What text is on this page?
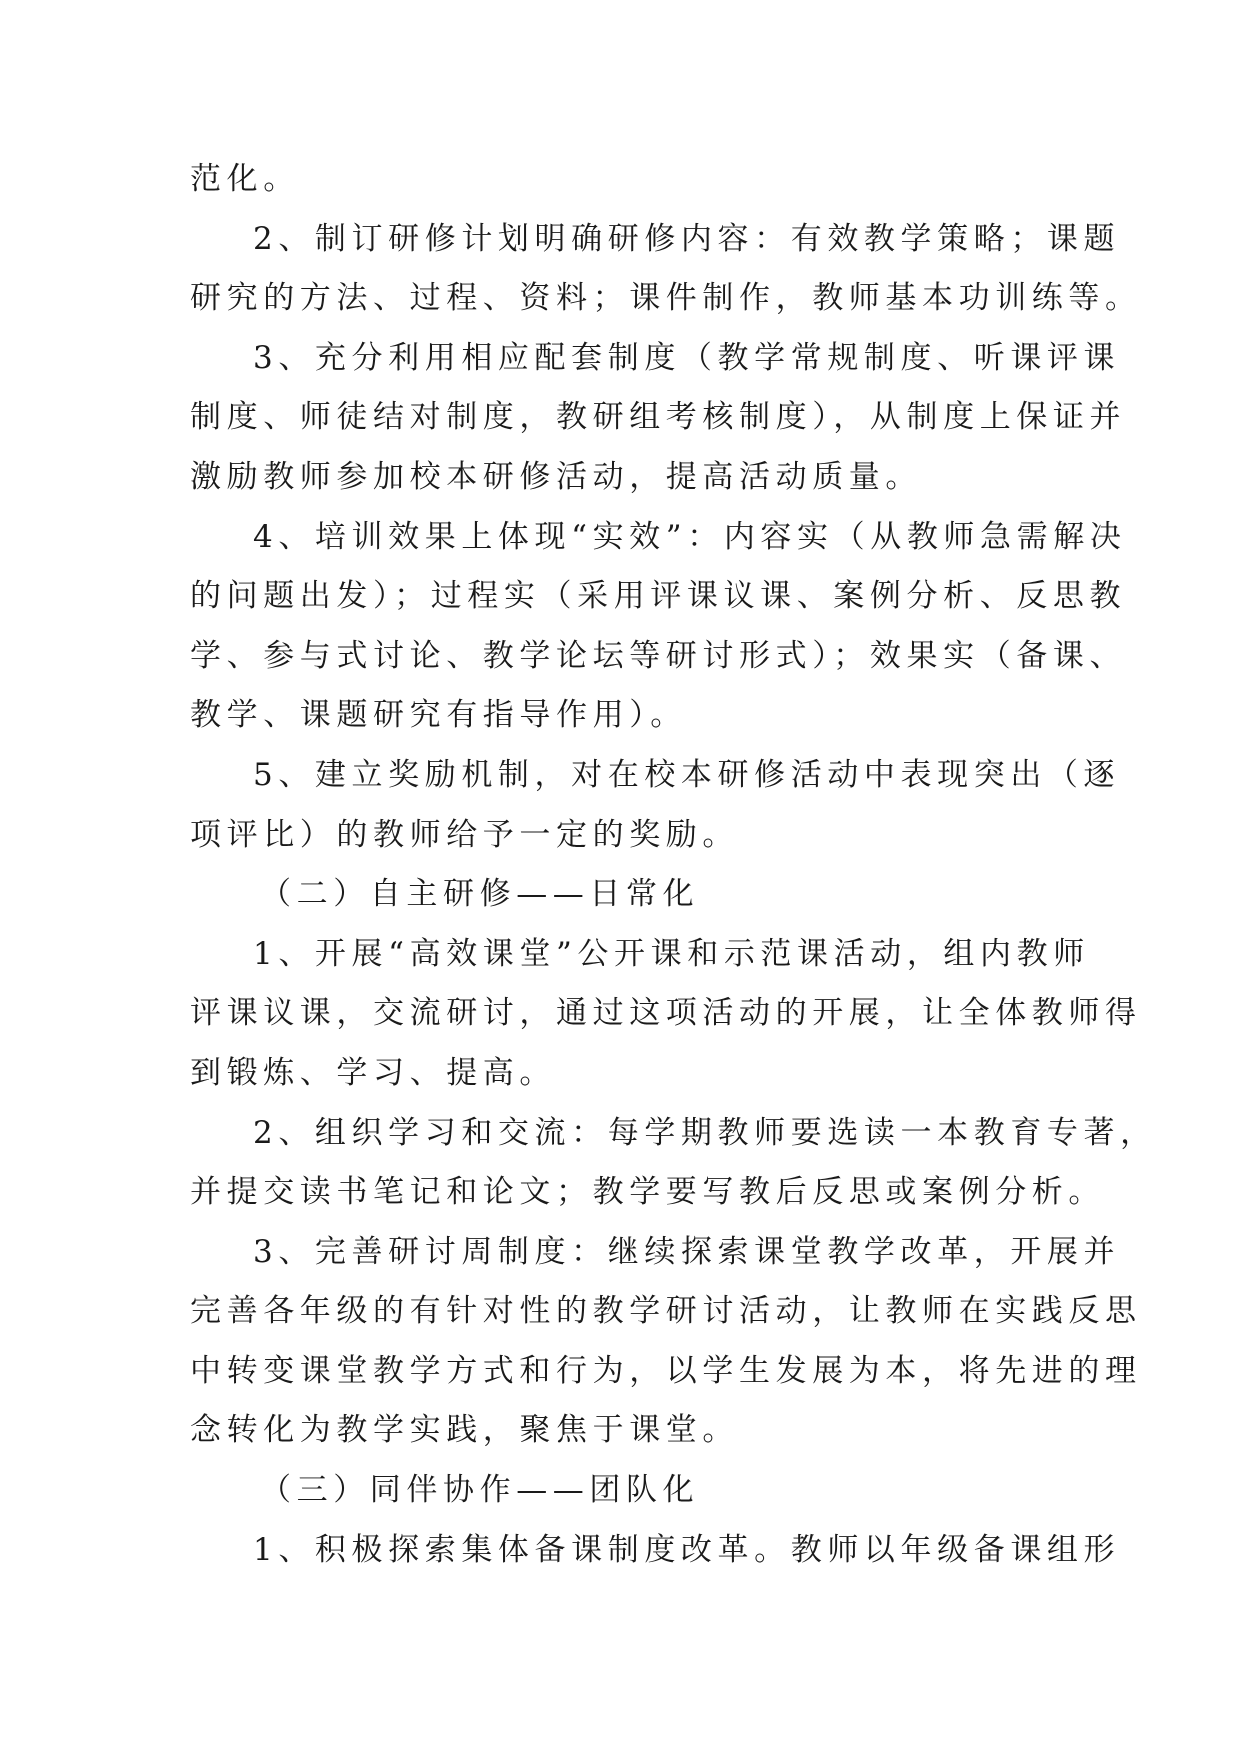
范化。
2、制订研修计划明确研修内容：有效教学策略；课题
研究的方法、过程、资料；课件制作，教师基本功训练等。
3、充分利用相应配套制度（教学常规制度、听课评课
制度、师徒结对制度，教研组考核制度），从制度上保证并
激励教师参加校本研修活动，提高活动质量。
4、培训效果上体现“实效”：内容实（从教师急需解决
的问题出发）；过程实（采用评课议课、案例分析、反思教
学、参与式讨论、教学论坛等研讨形式）；效果实（备课、
教学、课题研究有指导作用）。
5、建立奖励机制，对在校本研修活动中表现突出（逐
项评比）的教师给予一定的奖励。
（二）自主研修——日常化
1、开展“高效课堂”公开课和示范课活动，组内教师
评课议课，交流研讨，通过这项活动的开展，让全体教师得
到锻炼、学习、提高。
2、组织学习和交流：每学期教师要选读一本教育专著，
并提交读书笔记和论文；教学要写教后反思或案例分析。
3、完善研讨周制度：继续探索课堂教学改革，开展并
完善各年级的有针对性的教学研讨活动，让教师在实践反思
中转变课堂教学方式和行为，以学生发展为本，将先进的理
念转化为教学实践，聚焦于课堂。
（三）同伴协作——团队化
1、积极探索集体备课制度改革。教师以年级备课组形
